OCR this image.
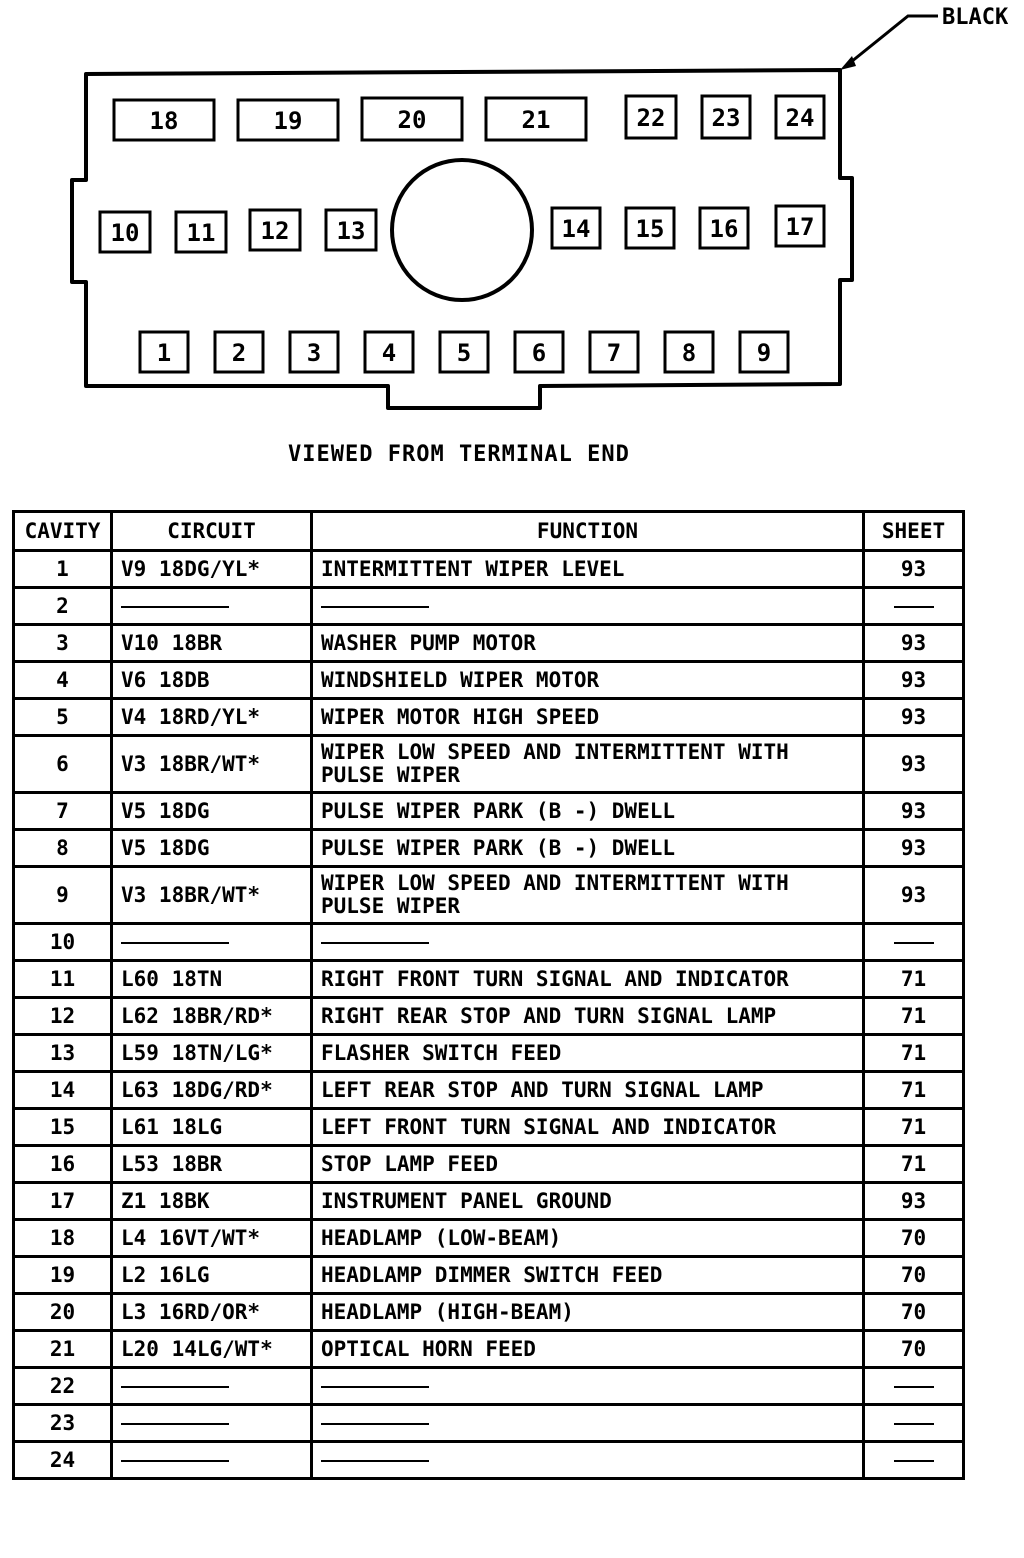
BLACK
18	19	20	21	22 23 24
10 11 12 13	14 15 16 17
1	2	3	4	5	6	7	8	9
VIEWED FROM TERMINAL END
CAVITY	CIRCUIT	FUNCTION	SHEET
1	V9 18DG/YL*	INTERMITTENT WIPER LEVEL	93
2			
3	V10 18BR	WASHER PUMP MOTOR	93
4	V6 18DB	WINDSHIELD WIPER MOTOR	93
5	V4 18RD/YL*	WIPER MOTOR HIGH SPEED	93
6	V3 18BR/WT*	WIPER LOW SPEED AND INTERMITTENT WITH PULSE WIPER	93
7	V5 18DG	PULSE WIPER PARK (B -) DWELL	93
8	V5 18DG	PULSE WIPER PARK (B -) DWELL	93
9	V3 18BR/WT*	WIPER LOW SPEED AND INTERMITTENT WITH PULSE WIPER	93
10			
11	L60 18TN	RIGHT FRONT TURN SIGNAL AND INDICATOR	71
12	L62 18BR/RD*	RIGHT REAR STOP AND TURN SIGNAL LAMP	71
13	L59 18TN/LG*	FLASHER SWITCH FEED	71
14	L63 18DG/RD*	LEFT REAR STOP AND TURN SIGNAL LAMP	71
15	L61 18LG	LEFT FRONT TURN SIGNAL AND INDICATOR	71
16	L53 18BR	STOP LAMP FEED	71
17	Z1 18BK	INSTRUMENT PANEL GROUND	93
18	L4 16VT/WT*	HEADLAMP (LOW-BEAM)	70
19	L2 16LG	HEADLAMP DIMMER SWITCH FEED	70
20	L3 16RD/OR*	HEADLAMP (HIGH-BEAM)	70
21	L20 14LG/WT*	OPTICAL HORN FEED	70
22			
23			
24			
